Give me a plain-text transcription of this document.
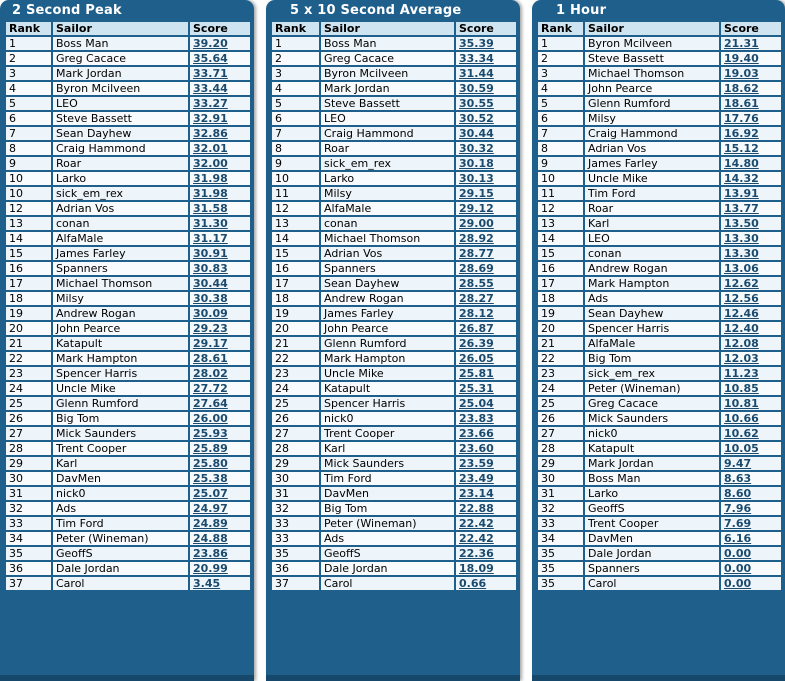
2 Second Peak
Rank	Sailor	Score
1	Boss Man	39.20
2	Greg Cacace	35.64
3	Mark Jordan	33.71
4	Byron Mcilveen	33.44
5	LEO	33.27
6	Steve Bassett	32.91
7	Sean Dayhew	32.86
8	Craig Hammond	32.01
9	Roar	32.00
10	Larko	31.98
10	sick_em_rex	31.98
12	Adrian Vos	31.58
13	conan	31.30
14	AlfaMale	31.17
15	James Farley	30.91
16	Spanners	30.83
17	Michael Thomson	30.44
18	Milsy	30.38
19	Andrew Rogan	30.09
20	John Pearce	29.23
21	Katapult	29.17
22	Mark Hampton	28.61
23	Spencer Harris	28.02
24	Uncle Mike	27.72
25	Glenn Rumford	27.64
26	Big Tom	26.00
27	Mick Saunders	25.93
28	Trent Cooper	25.89
29	Karl	25.80
30	DavMen	25.38
31	nick0	25.07
32	Ads	24.97
33	Tim Ford	24.89
34	Peter (Wineman)	24.88
35	GeoffS	23.86
36	Dale Jordan	20.99
37	Carol	3.45
5 x 10 Second Average
Rank	Sailor	Score
1	Boss Man	35.39
2	Greg Cacace	33.34
3	Byron Mcilveen	31.44
4	Mark Jordan	30.59
5	Steve Bassett	30.55
6	LEO	30.52
7	Craig Hammond	30.44
8	Roar	30.32
9	sick_em_rex	30.18
10	Larko	30.13
11	Milsy	29.15
12	AlfaMale	29.12
13	conan	29.00
14	Michael Thomson	28.92
15	Adrian Vos	28.77
16	Spanners	28.69
17	Sean Dayhew	28.55
18	Andrew Rogan	28.27
19	James Farley	28.12
20	John Pearce	26.87
21	Glenn Rumford	26.39
22	Mark Hampton	26.05
23	Uncle Mike	25.81
24	Katapult	25.31
25	Spencer Harris	25.04
26	nick0	23.83
27	Trent Cooper	23.66
28	Karl	23.60
29	Mick Saunders	23.59
30	Tim Ford	23.49
31	DavMen	23.14
32	Big Tom	22.88
33	Peter (Wineman)	22.42
33	Ads	22.42
35	GeoffS	22.36
36	Dale Jordan	18.09
37	Carol	0.66
1 Hour
Rank	Sailor	Score
1	Byron Mcilveen	21.31
2	Steve Bassett	19.40
3	Michael Thomson	19.03
4	John Pearce	18.62
5	Glenn Rumford	18.61
6	Milsy	17.76
7	Craig Hammond	16.92
8	Adrian Vos	15.12
9	James Farley	14.80
10	Uncle Mike	14.32
11	Tim Ford	13.91
12	Roar	13.77
13	Karl	13.50
14	LEO	13.30
15	conan	13.30
16	Andrew Rogan	13.06
17	Mark Hampton	12.62
18	Ads	12.56
19	Sean Dayhew	12.46
20	Spencer Harris	12.40
21	AlfaMale	12.08
22	Big Tom	12.03
23	sick_em_rex	11.23
24	Peter (Wineman)	10.85
25	Greg Cacace	10.81
26	Mick Saunders	10.66
27	nick0	10.62
28	Katapult	10.05
29	Mark Jordan	9.47
30	Boss Man	8.63
31	Larko	8.60
32	GeoffS	7.96
33	Trent Cooper	7.69
34	DavMen	6.16
35	Dale Jordan	0.00
35	Spanners	0.00
35	Carol	0.00
